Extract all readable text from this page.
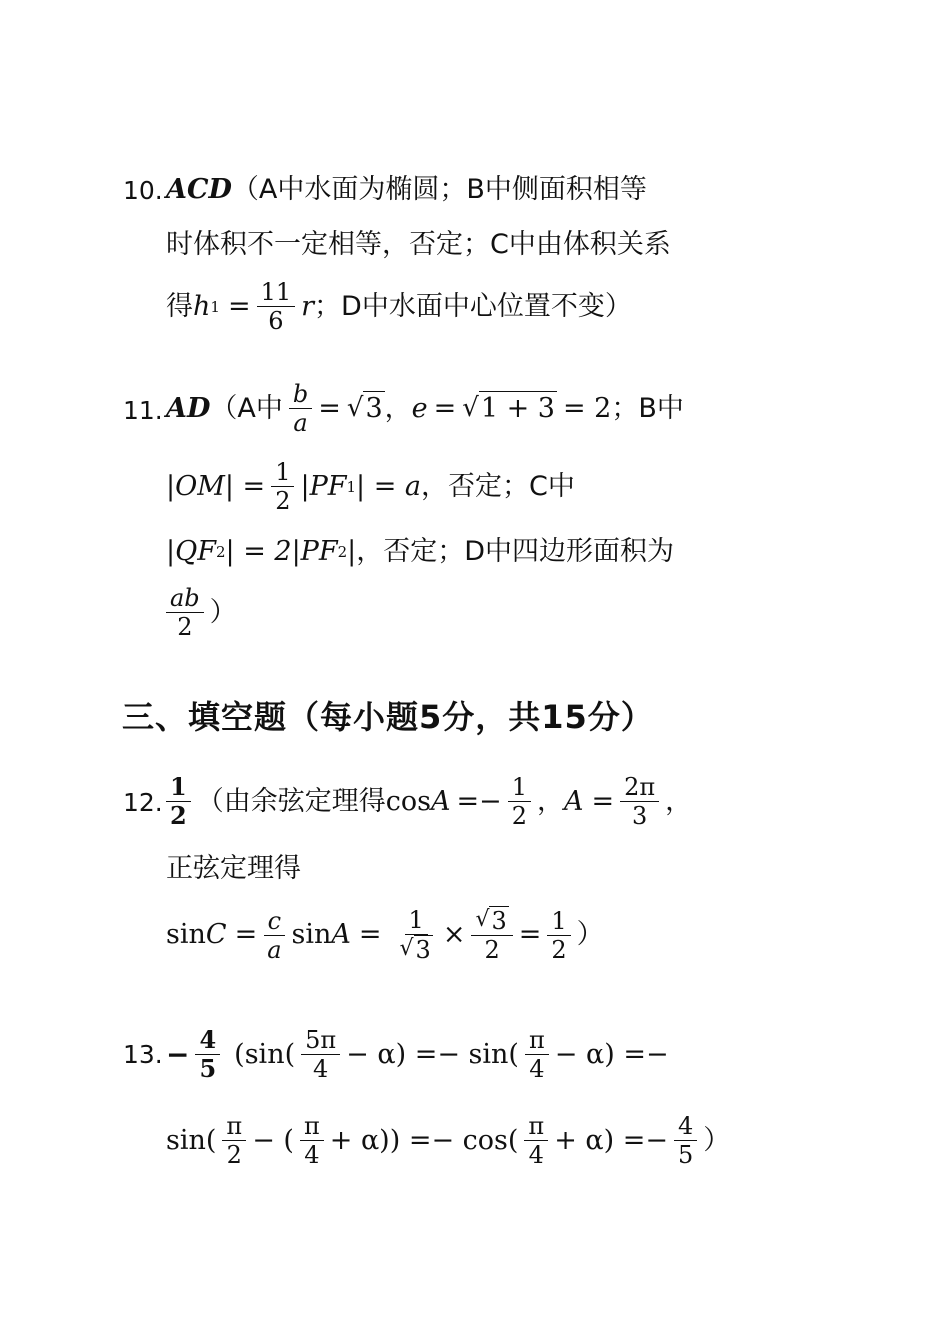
10. ACD （A中水面为椭圆；B中侧面积相等
时体积不一定相等，否定；C中由体积关系
得 h $1 = \frac{11}{6}$ r ；D中水面中心位置不变）
11. AD （A中 $\frac{b}{a}$ = √ 3 ， e = √ 1 + 3 = 2 ；B中
$|OM| = \frac{1}{2} |PF$ 1 | = a ，否定；C中
|QF 2 | = 2|PF 2 | ，否定；D中四边形面积为
$\frac{ab}{2}$ ）
三、填空题（每小题5分，共15分）
12. $\frac{1}{2}$ （由余弦定理得 $\cos A =- \frac{1}{2}$ ， $A = \frac{2\pi}{3}$ ，
正弦定理得
$\sin C = \frac{c}{a}$ $\sin A = \frac{1}{√ 3} \times \frac{√ 3}{2} = \frac{1}{2}$ ）
13. − $\frac{4}{5} (\sin( \frac{5\pi}{4} - \alpha) =- \sin( \frac{\pi}{4} - \alpha)$ =−
$\sin( \frac{\pi}{2}$ − ( $\frac{\pi}{4} + \alpha)) =- \cos( \frac{\pi}{4} + \alpha) =- \frac{4}{5}$ ）
